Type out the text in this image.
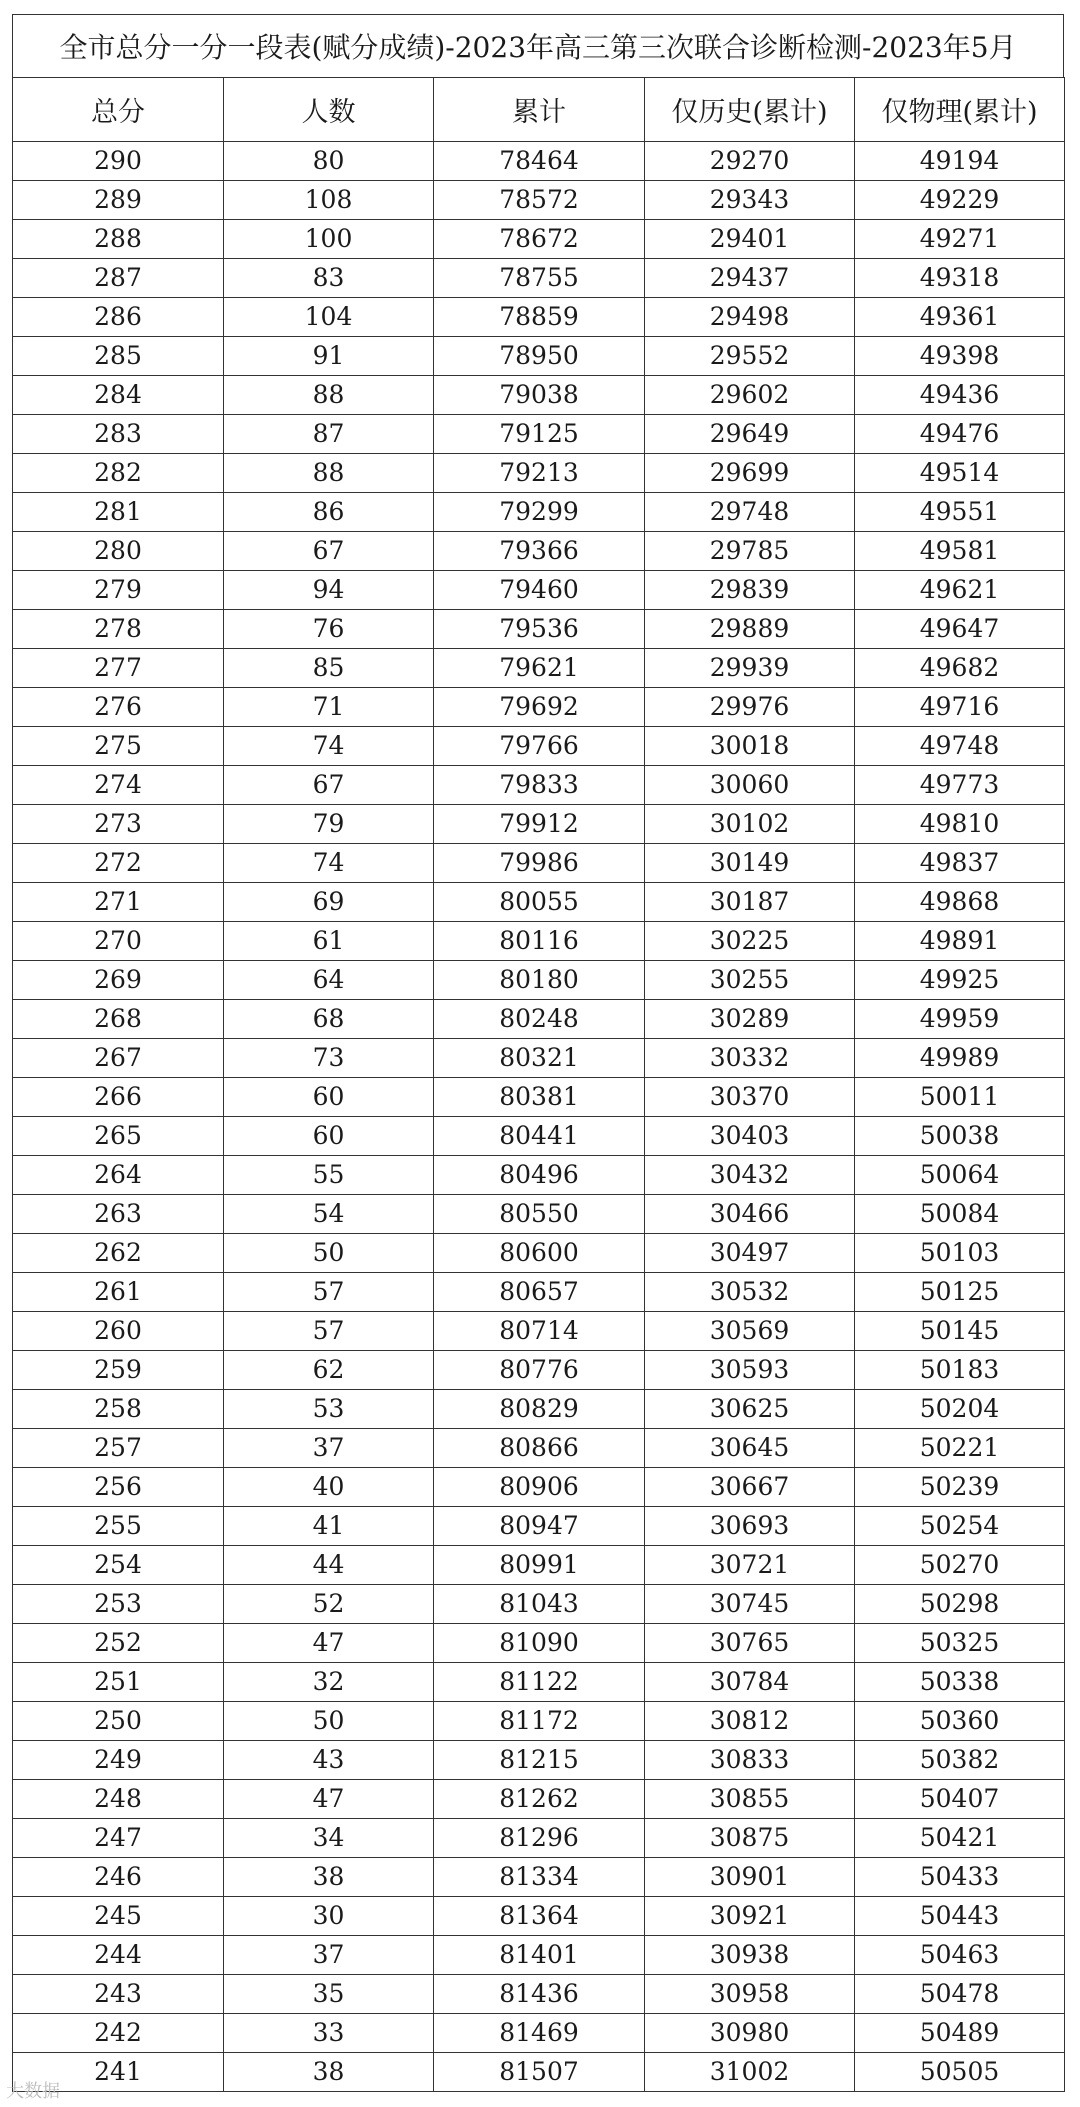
全市总分一分一段表(赋分成绩)-2023年高三第三次联合诊断检测-2023年5月
总分	人数	累计	仅历史(累计)	仅物理(累计)
290	80	78464	29270	49194
289	108	78572	29343	49229
288	100	78672	29401	49271
287	83	78755	29437	49318
286	104	78859	29498	49361
285	91	78950	29552	49398
284	88	79038	29602	49436
283	87	79125	29649	49476
282	88	79213	29699	49514
281	86	79299	29748	49551
280	67	79366	29785	49581
279	94	79460	29839	49621
278	76	79536	29889	49647
277	85	79621	29939	49682
276	71	79692	29976	49716
275	74	79766	30018	49748
274	67	79833	30060	49773
273	79	79912	30102	49810
272	74	79986	30149	49837
271	69	80055	30187	49868
270	61	80116	30225	49891
269	64	80180	30255	49925
268	68	80248	30289	49959
267	73	80321	30332	49989
266	60	80381	30370	50011
265	60	80441	30403	50038
264	55	80496	30432	50064
263	54	80550	30466	50084
262	50	80600	30497	50103
261	57	80657	30532	50125
260	57	80714	30569	50145
259	62	80776	30593	50183
258	53	80829	30625	50204
257	37	80866	30645	50221
256	40	80906	30667	50239
255	41	80947	30693	50254
254	44	80991	30721	50270
253	52	81043	30745	50298
252	47	81090	30765	50325
251	32	81122	30784	50338
250	50	81172	30812	50360
249	43	81215	30833	50382
248	47	81262	30855	50407
247	34	81296	30875	50421
246	38	81334	30901	50433
245	30	81364	30921	50443
244	37	81401	30938	50463
243	35	81436	30958	50478
242	33	81469	30980	50489
241	38	81507	31002	50505
大数据
